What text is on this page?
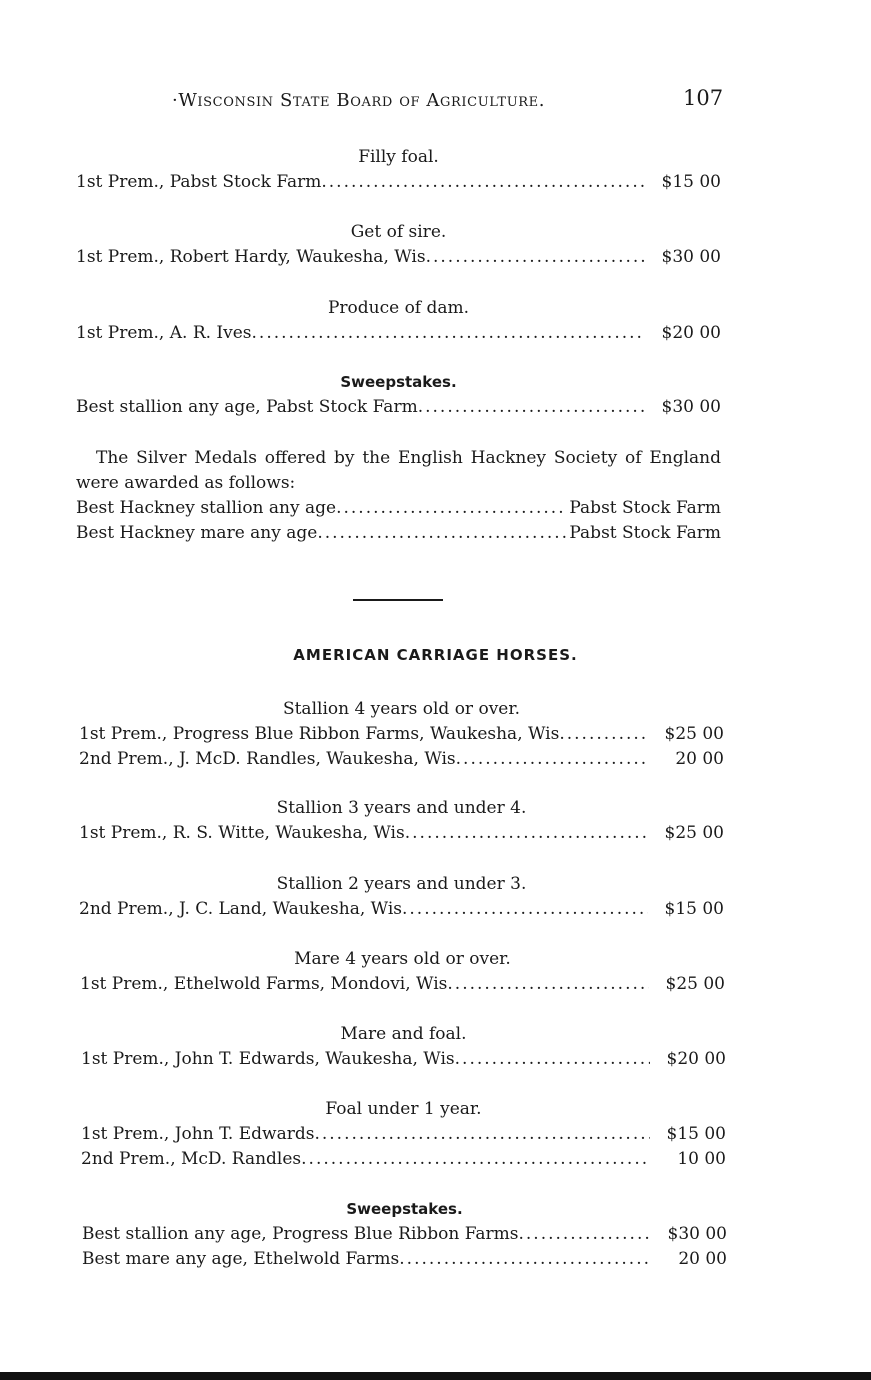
·Wisconsin State Board of Agriculture.	107
Filly foal.
1st Prem., Pabst Stock Farm .....	$15 00
Get of sire.
1st Prem., Robert Hardy, Waukesha, Wis .....	$30 00
Produce of dam.
1st Prem., A. R. Ives .....	$20 00
Sweepstakes.
Best stallion any age, Pabst Stock Farm .....	$30 00
The Silver Medals offered by the English Hackney Society of England were awarded as follows:
Best Hackney stallion any age .....	Pabst Stock Farm
Best Hackney mare any age .....	Pabst Stock Farm
AMERICAN CARRIAGE HORSES.
Stallion 4 years old or over.
1st Prem., Progress Blue Ribbon Farms, Waukesha, Wis .....	$25 00
2nd Prem., J. McD. Randles, Waukesha, Wis .....	20 00
Stallion 3 years and under 4.
1st Prem., R. S. Witte, Waukesha, Wis .....	$25 00
Stallion 2 years and under 3.
2nd Prem., J. C. Land, Waukesha, Wis .....	$15 00
Mare 4 years old or over.
1st Prem., Ethelwold Farms, Mondovi, Wis .....	$25 00
Mare and foal.
1st Prem., John T. Edwards, Waukesha, Wis .....	$20 00
Foal under 1 year.
1st Prem., John T. Edwards .....	$15 00
2nd Prem., McD. Randles .....	10 00
Sweepstakes.
Best stallion any age, Progress Blue Ribbon Farms .....	$30 00
Best mare any age, Ethelwold Farms .....	20 00
